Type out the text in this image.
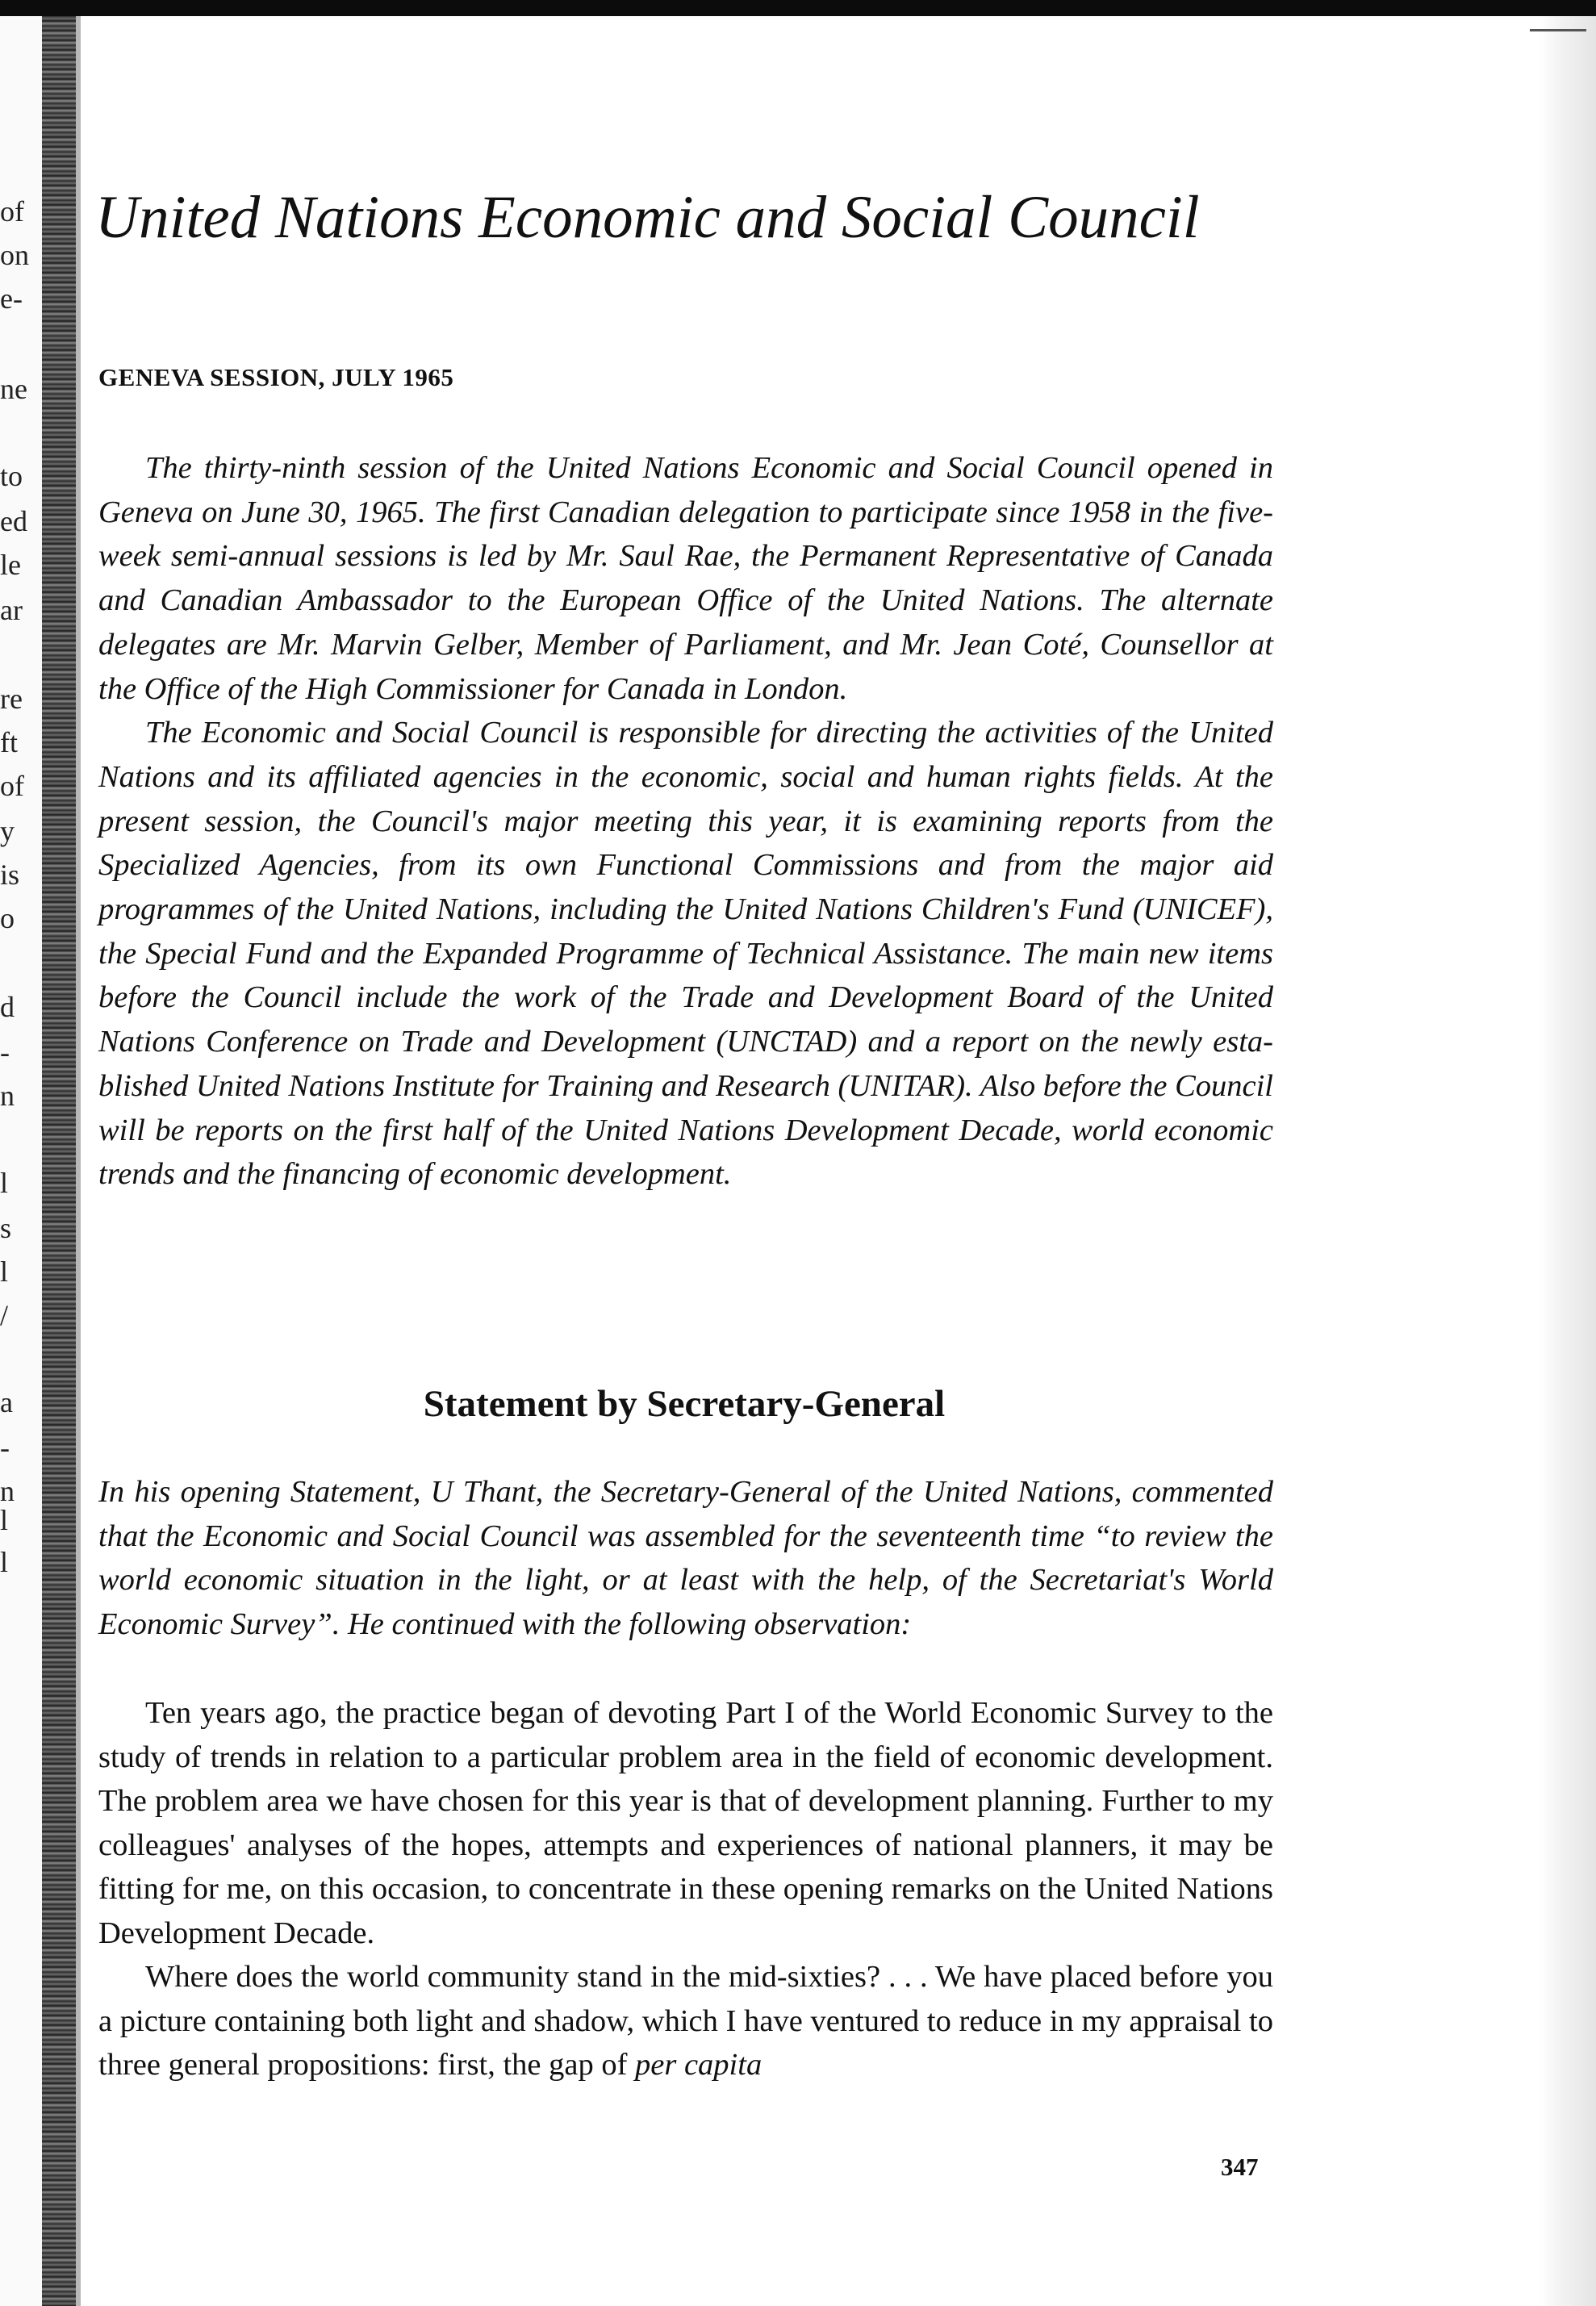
of
on
e-
ne
to
ed
le
ar
re
ft
of
y
is
o
d
-
n
l
s
l
/
a
-
n
l
l
United Nations Economic and Social Council
GENEVA SESSION, JULY 1965

The thirty-ninth session of the United Nations Economic and Social Council opened in Geneva on June 30, 1965. The first Canadian delegation to participate since 1958 in the five-week semi-annual sessions is led by Mr. Saul Rae, the Permanent Representative of Canada and Canadian Ambassador to the European Office of the United Nations. The alternate delegates are Mr. Marvin Gelber, Member of Parliament, and Mr. Jean Coté, Counsellor at the Office of the High Commissioner for Canada in London.

The Economic and Social Council is responsible for directing the activities of the United Nations and its affiliated agencies in the economic, social and human rights fields. At the present session, the Council's major meeting this year, it is examining reports from the Specialized Agencies, from its own Functional Commissions and from the major aid programmes of the United Nations, including the United Nations Children's Fund (UNICEF), the Special Fund and the Expanded Programme of Technical Assistance. The main new items before the Council include the work of the Trade and Development Board of the United Nations Conference on Trade and Development (UNCTAD) and a report on the newly established United Nations Institute for Training and Research (UNITAR). Also before the Council will be reports on the first half of the United Nations Development Decade, world economic trends and the financing of economic development.

Statement by Secretary-General

In his opening Statement, U Thant, the Secretary-General of the United Nations, commented that the Economic and Social Council was assembled for the seventeenth time “to review the world economic situation in the light, or at least with the help, of the Secretariat's World Economic Survey”. He continued with the following observation:

Ten years ago, the practice began of devoting Part I of the World Economic Survey to the study of trends in relation to a particular problem area in the field of economic development. The problem area we have chosen for this year is that of development planning. Further to my colleagues' analyses of the hopes, attempts and experiences of national planners, it may be fitting for me, on this occasion, to concentrate in these opening remarks on the United Nations Development Decade.

Where does the world community stand in the mid-sixties? . . . We have placed before you a picture containing both light and shadow, which I have ventured to reduce in my appraisal to three general propositions: first, the gap of per capita

347
